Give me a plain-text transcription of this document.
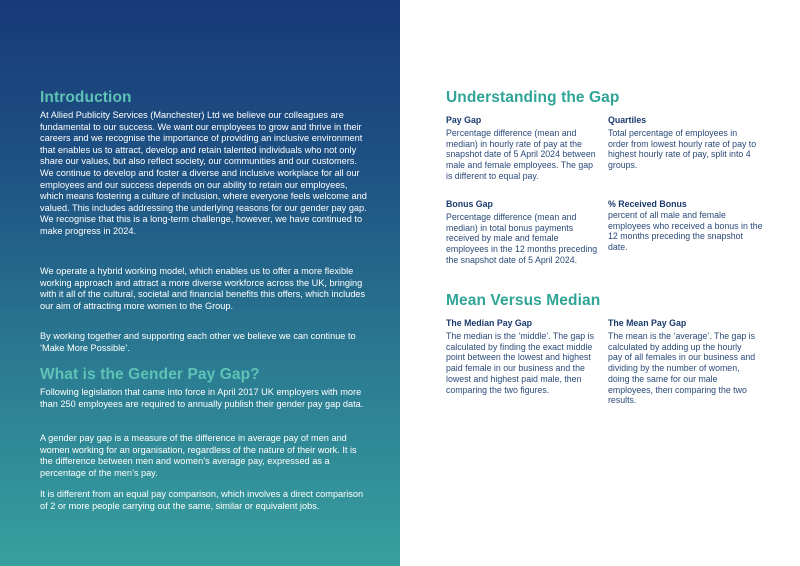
Introduction

At Allied Publicity Services (Manchester) Ltd we believe our colleagues are fundamental to our success. We want our employees to grow and thrive in their careers and we recognise the importance of providing an inclusive environment that enables us to attract, develop and retain talented individuals who not only share our values, but also reflect society, our communities and our customers. We continue to develop and foster a diverse and inclusive workplace for all our employees and our success depends on our ability to retain our employees, which means fostering a culture of inclusion, where everyone feels welcome and valued. This includes addressing the underlying reasons for our gender pay gap. We recognise that this is a long-term challenge, however, we have continued to make progress in 2024.

We operate a hybrid working model, which enables us to offer a more flexible working approach and attract a more diverse workforce across the UK, bringing with it all of the cultural, societal and financial benefits this offers, which includes our aim of attracting more women to the Group.

By working together and supporting each other we believe we can continue to ‘Make More Possible’.

What is the Gender Pay Gap?

Following legislation that came into force in April 2017 UK employers with more than 250 employees are required to annually publish their gender pay gap data.

A gender pay gap is a measure of the difference in average pay of men and women working for an organisation, regardless of the nature of their work. It is the difference between men and women’s average pay, expressed as a percentage of the men’s pay.

It is different from an equal pay comparison, which involves a direct comparison of 2 or more people carrying out the same, similar or equivalent jobs.

Understanding the Gap
Pay Gap

Percentage difference (mean and median) in hourly rate of pay at the snapshot date of 5 April 2024 between male and female employees. The gap is different to equal pay.

Quartiles

Total percentage of employees in order from lowest hourly rate of pay to highest hourly rate of pay, split into 4 groups.

Bonus Gap

Percentage difference (mean and median) in total bonus payments received by male and female employees in the 12 months preceding the snapshot date of 5 April 2024.

% Received Bonus

percent of all male and female employees who received a bonus in the 12 months preceding the snapshot date.

Mean Versus Median
The Median Pay Gap

The median is the ‘middle’. The gap is calculated by finding the exact middle point between the lowest and highest paid female in our business and the lowest and highest paid male, then comparing the two figures.

The Mean Pay Gap

The mean is the ‘average’. The gap is calculated by adding up the hourly pay of all females in our business and dividing by the number of women, doing the same for our male employees, then comparing the two results.
